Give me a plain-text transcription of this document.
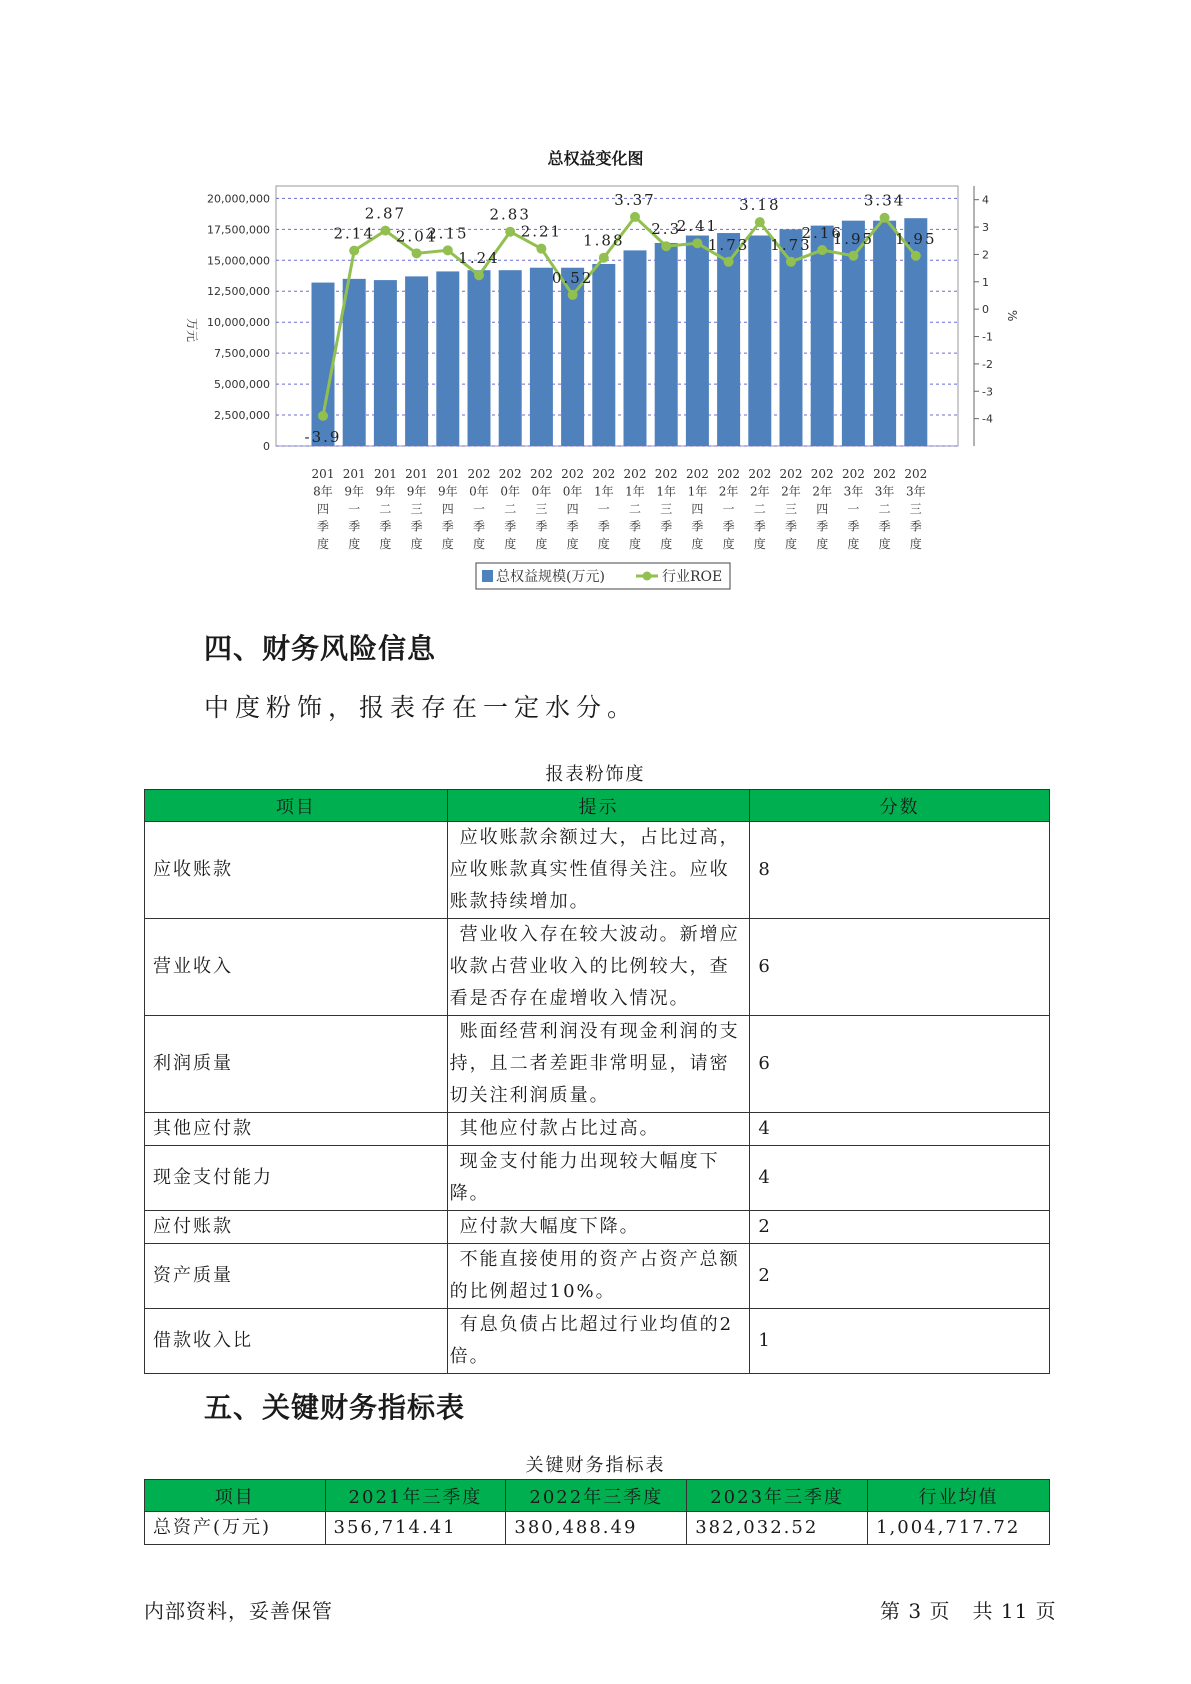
总权益变化图
0
2,500,000
5,000,000
7,500,000
10,000,000
12,500,000
15,000,000
17,500,000
20,000,000
-4
-3
-2
-1
0
1
2
3
4
万元
%
201
8年
四
季
度
201
9年
一
季
度
201
9年
二
季
度
201
9年
三
季
度
201
9年
四
季
度
202
0年
一
季
度
202
0年
二
季
度
202
0年
三
季
度
202
0年
四
季
度
202
1年
一
季
度
202
1年
二
季
度
202
1年
三
季
度
202
1年
四
季
度
202
2年
一
季
度
202
2年
二
季
度
202
2年
三
季
度
202
2年
四
季
度
202
3年
一
季
度
202
3年
二
季
度
202
3年
三
季
度
-3.9
2.14
2.87
2.04
2.15
1.24
2.83
2.21
0.52
1.88
3.37
2.3
2.41
1.73
3.18
1.73
2.16
1.95
3.34
1.95
总权益规模(万元)	行业ROE
四、财务风险信息
中度粉饰，报表存在一定水分。
报表粉饰度
项目	提示	分数
应收账款	应收账款余额过大，占比过高，应收账款真实性值得关注。应收账款持续增加。	8
营业收入	营业收入存在较大波动。新增应收款占营业收入的比例较大，查看是否存在虚增收入情况。	6
利润质量	账面经营利润没有现金利润的支持，且二者差距非常明显，请密切关注利润质量。	6
其他应付款	其他应付款占比过高。	4
现金支付能力	现金支付能力出现较大幅度下降。	4
应付账款	应付款大幅度下降。	2
资产质量	不能直接使用的资产占资产总额的比例超过10%。	2
借款收入比	有息负债占比超过行业均值的2倍。	1
五、关键财务指标表
关键财务指标表
项目	2021年三季度	2022年三季度	2023年三季度	行业均值
总资产(万元)	356,714.41	380,488.49	382,032.52	1,004,717.72
内部资料，妥善保管	第 3 页   共 11 页
